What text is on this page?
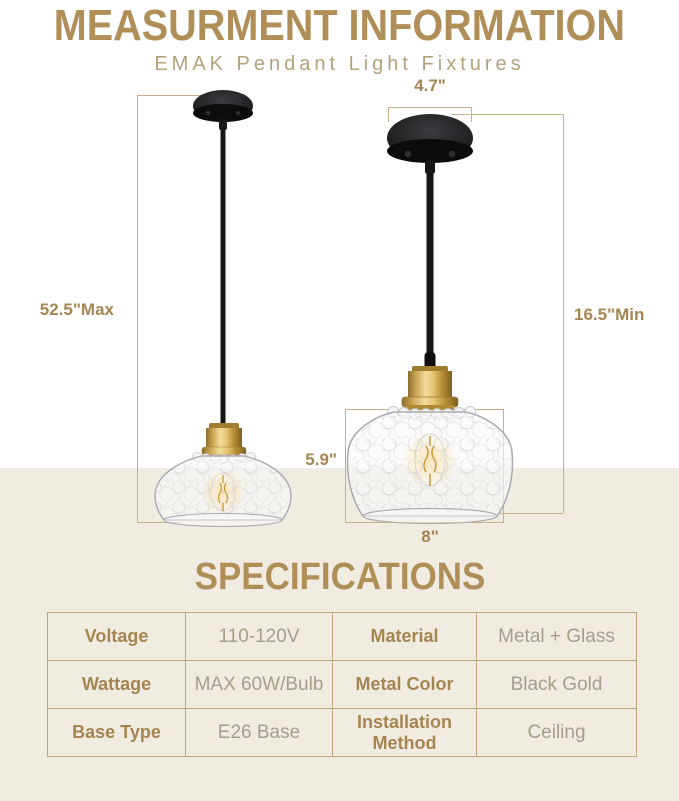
MEASURMENT INFORMATION
EMAK Pendant Light Fixtures
52.5"Max	16.5"Min
4.7"
5.9"
8"
SPECIFICATIONS
Voltage	110-120V	Material	Metal + Glass
Wattage	MAX 60W/Bulb	Metal Color	Black Gold
Base Type	E26 Base	Installation Method	Ceiling
